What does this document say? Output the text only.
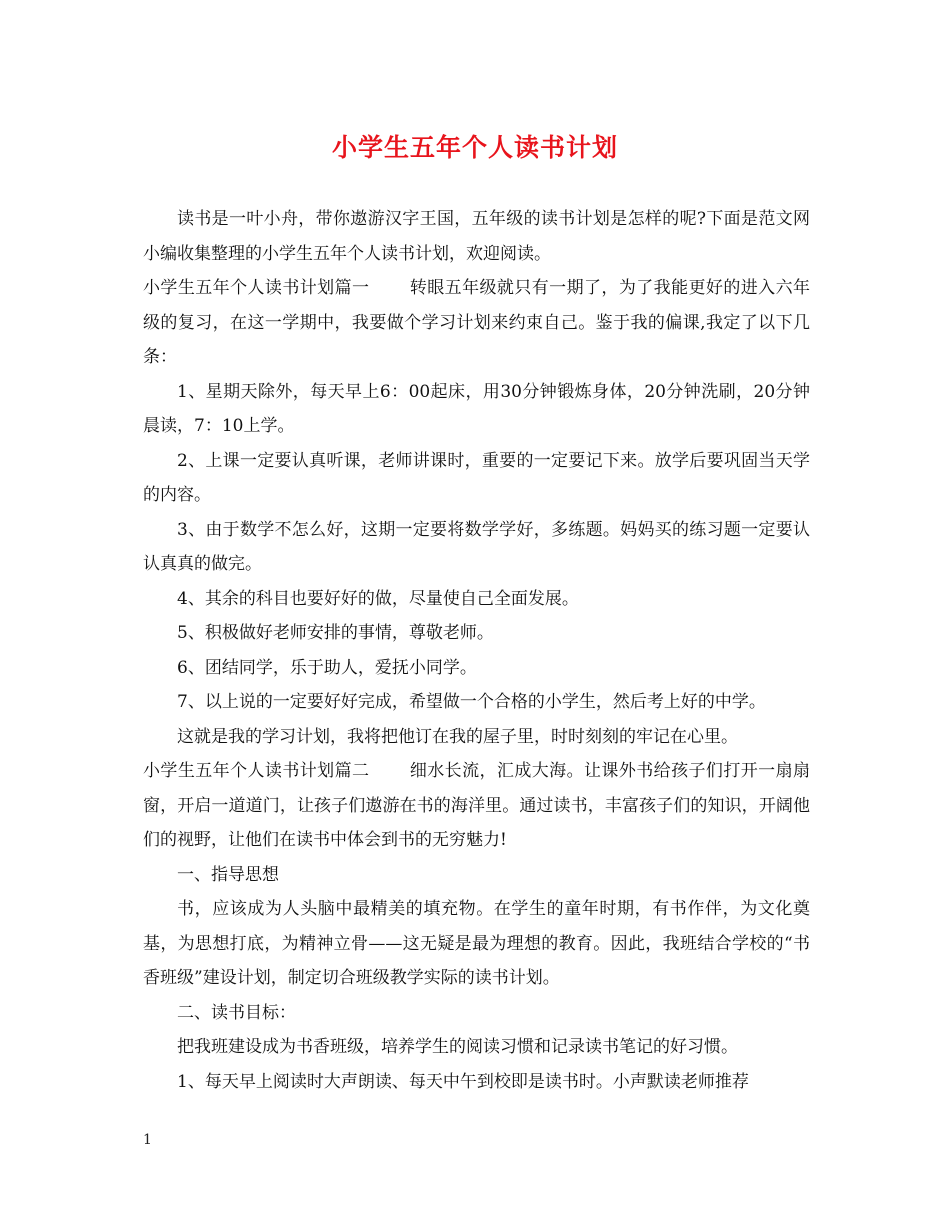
小学生五年个人读书计划

读书是一叶小舟，带你遨游汉字王国，五年级的读书计划是怎样的呢?下面是范文网小编收集整理的小学生五年个人读书计划，欢迎阅读。

小学生五年个人读书计划篇一 转眼五年级就只有一期了，为了我能更好的进入六年级的复习，在这一学期中，我要做个学习计划来约束自己。鉴于我的偏课,我定了以下几条：

1、星期天除外，每天早上6：00起床，用30分钟锻炼身体，20分钟洗刷，20分钟晨读，7：10上学。

2、上课一定要认真听课，老师讲课时，重要的一定要记下来。放学后要巩固当天学的内容。

3、由于数学不怎么好，这期一定要将数学学好，多练题。妈妈买的练习题一定要认认真真的做完。

4、其余的科目也要好好的做，尽量使自己全面发展。

5、积极做好老师安排的事情，尊敬老师。

6、团结同学，乐于助人，爱抚小同学。

7、以上说的一定要好好完成，希望做一个合格的小学生，然后考上好的中学。

这就是我的学习计划，我将把他订在我的屋子里，时时刻刻的牢记在心里。

小学生五年个人读书计划篇二 细水长流，汇成大海。让课外书给孩子们打开一扇扇窗，开启一道道门，让孩子们遨游在书的海洋里。通过读书，丰富孩子们的知识，开阔他们的视野，让他们在读书中体会到书的无穷魅力!

一、指导思想

书，应该成为人头脑中最精美的填充物。在学生的童年时期，有书作伴，为文化奠基，为思想打底，为精神立骨——这无疑是最为理想的教育。因此，我班结合学校的“书香班级”建设计划，制定切合班级教学实际的读书计划。

二、读书目标：

把我班建设成为书香班级，培养学生的阅读习惯和记录读书笔记的好习惯。

1、每天早上阅读时大声朗读、每天中午到校即是读书时。小声默读老师推荐

1
